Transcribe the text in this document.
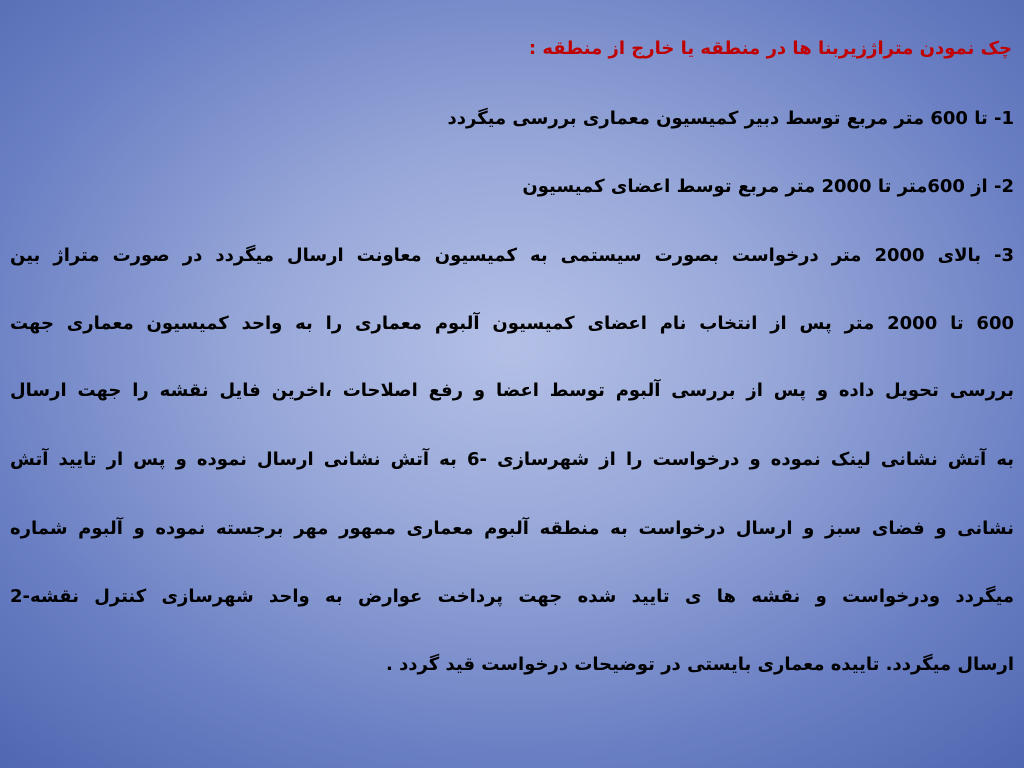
چک نمودن متراژزیربنا ها در منطقه یا خارج از منطقه :
1- تا 600 متر مربع توسط دبیر کمیسیون معماری بررسی میگردد
2- از 600متر تا 2000 متر مربع توسط اعضای کمیسیون
3- بالای 2000 متر درخواست بصورت سیستمی به کمیسیون معاونت ارسال میگردد در صورت متراژ بین
600 تا 2000 متر پس از انتخاب نام اعضای کمیسیون آلبوم معماری را به واحد کمیسیون معماری جهت
بررسی تحویل داده و پس از بررسی آلبوم توسط اعضا و رفع اصلاحات ،اخرین فایل نقشه را جهت ارسال
به آتش نشانی لینک نموده و درخواست را از شهرسازی -6 به آتش نشانی ارسال نموده و پس ار تایید آتش
نشانی و فضای سبز و ارسال درخواست به منطقه آلبوم معماری ممهور مهر برجسته نموده و آلبوم شماره
میگردد ودرخواست و نقشه ها ی تایید شده جهت پرداخت عوارض به واحد شهرسازی کنترل نقشه-2
ارسال میگردد. تاییده معماری بایستی در توضیحات درخواست قید گردد .
